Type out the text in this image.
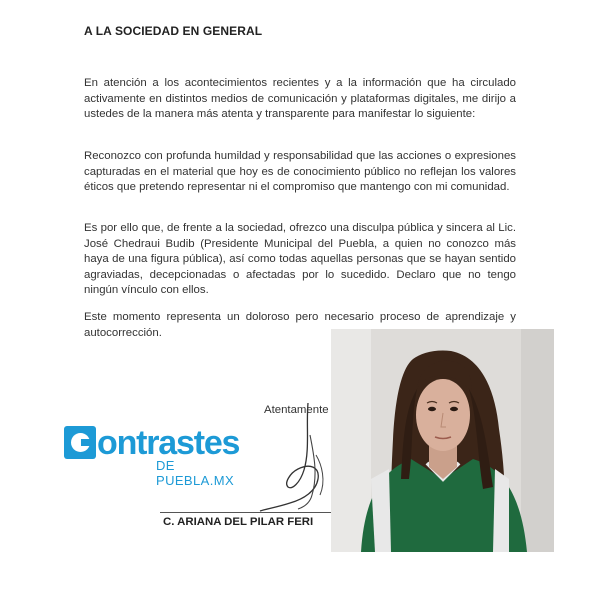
A LA SOCIEDAD EN GENERAL

En atención a los acontecimientos recientes y a la información que ha circulado activamente en distintos medios de comunicación y plataformas digitales, me dirijo a ustedes de la manera más atenta y transparente para manifestar lo siguiente:

Reconozco con profunda humildad y responsabilidad que las acciones o expresiones capturadas en el material que hoy es de conocimiento público no reflejan los valores éticos que pretendo representar ni el compromiso que mantengo con mi comunidad.

Es por ello que, de frente a la sociedad, ofrezco una disculpa pública y sincera al Lic. José Chedraui Budib (Presidente Municipal del Puebla, a quien no conozco más haya de una figura pública), así como todas aquellas personas que se hayan sentido agraviadas, decepcionadas o afectadas por lo sucedido. Declaro que no tengo ningún vínculo con ellos.

Este momento representa un doloroso pero necesario proceso de aprendizaje y autocorrección.

Atentamente
C. ARIANA DEL PILAR FERI
ontrastes
DE PUEBLA.MX
